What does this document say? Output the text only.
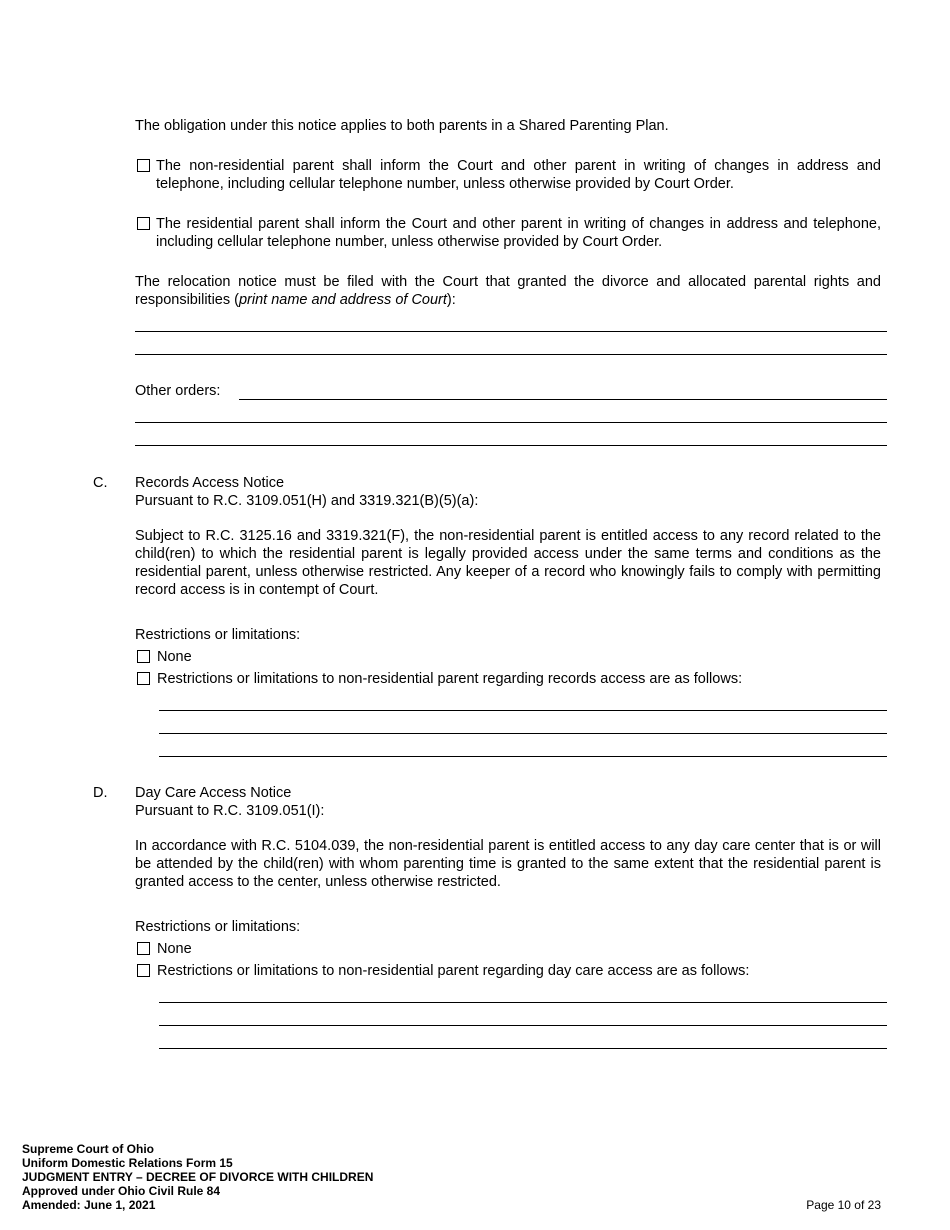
The obligation under this notice applies to both parents in a Shared Parenting Plan.
The non-residential parent shall inform the Court and other parent in writing of changes in address and telephone, including cellular telephone number, unless otherwise provided by Court Order.
The residential parent shall inform the Court and other parent in writing of changes in address and telephone, including cellular telephone number, unless otherwise provided by Court Order.
The relocation notice must be filed with the Court that granted the divorce and allocated parental rights and responsibilities (print name and address of Court):
Other orders:
C. Records Access Notice
Pursuant to R.C. 3109.051(H) and 3319.321(B)(5)(a):
Subject to R.C. 3125.16 and 3319.321(F), the non-residential parent is entitled access to any record related to the child(ren) to which the residential parent is legally provided access under the same terms and conditions as the residential parent, unless otherwise restricted. Any keeper of a record who knowingly fails to comply with permitting record access is in contempt of Court.
Restrictions or limitations:
None
Restrictions or limitations to non-residential parent regarding records access are as follows:
D. Day Care Access Notice
Pursuant to R.C. 3109.051(I):
In accordance with R.C. 5104.039, the non-residential parent is entitled access to any day care center that is or will be attended by the child(ren) with whom parenting time is granted to the same extent that the residential parent is granted access to the center, unless otherwise restricted.
Restrictions or limitations:
None
Restrictions or limitations to non-residential parent regarding day care access are as follows:
Supreme Court of Ohio
Uniform Domestic Relations Form 15
JUDGMENT ENTRY – DECREE OF DIVORCE WITH CHILDREN
Approved under Ohio Civil Rule 84
Amended: June 1, 2021	Page 10 of 23
